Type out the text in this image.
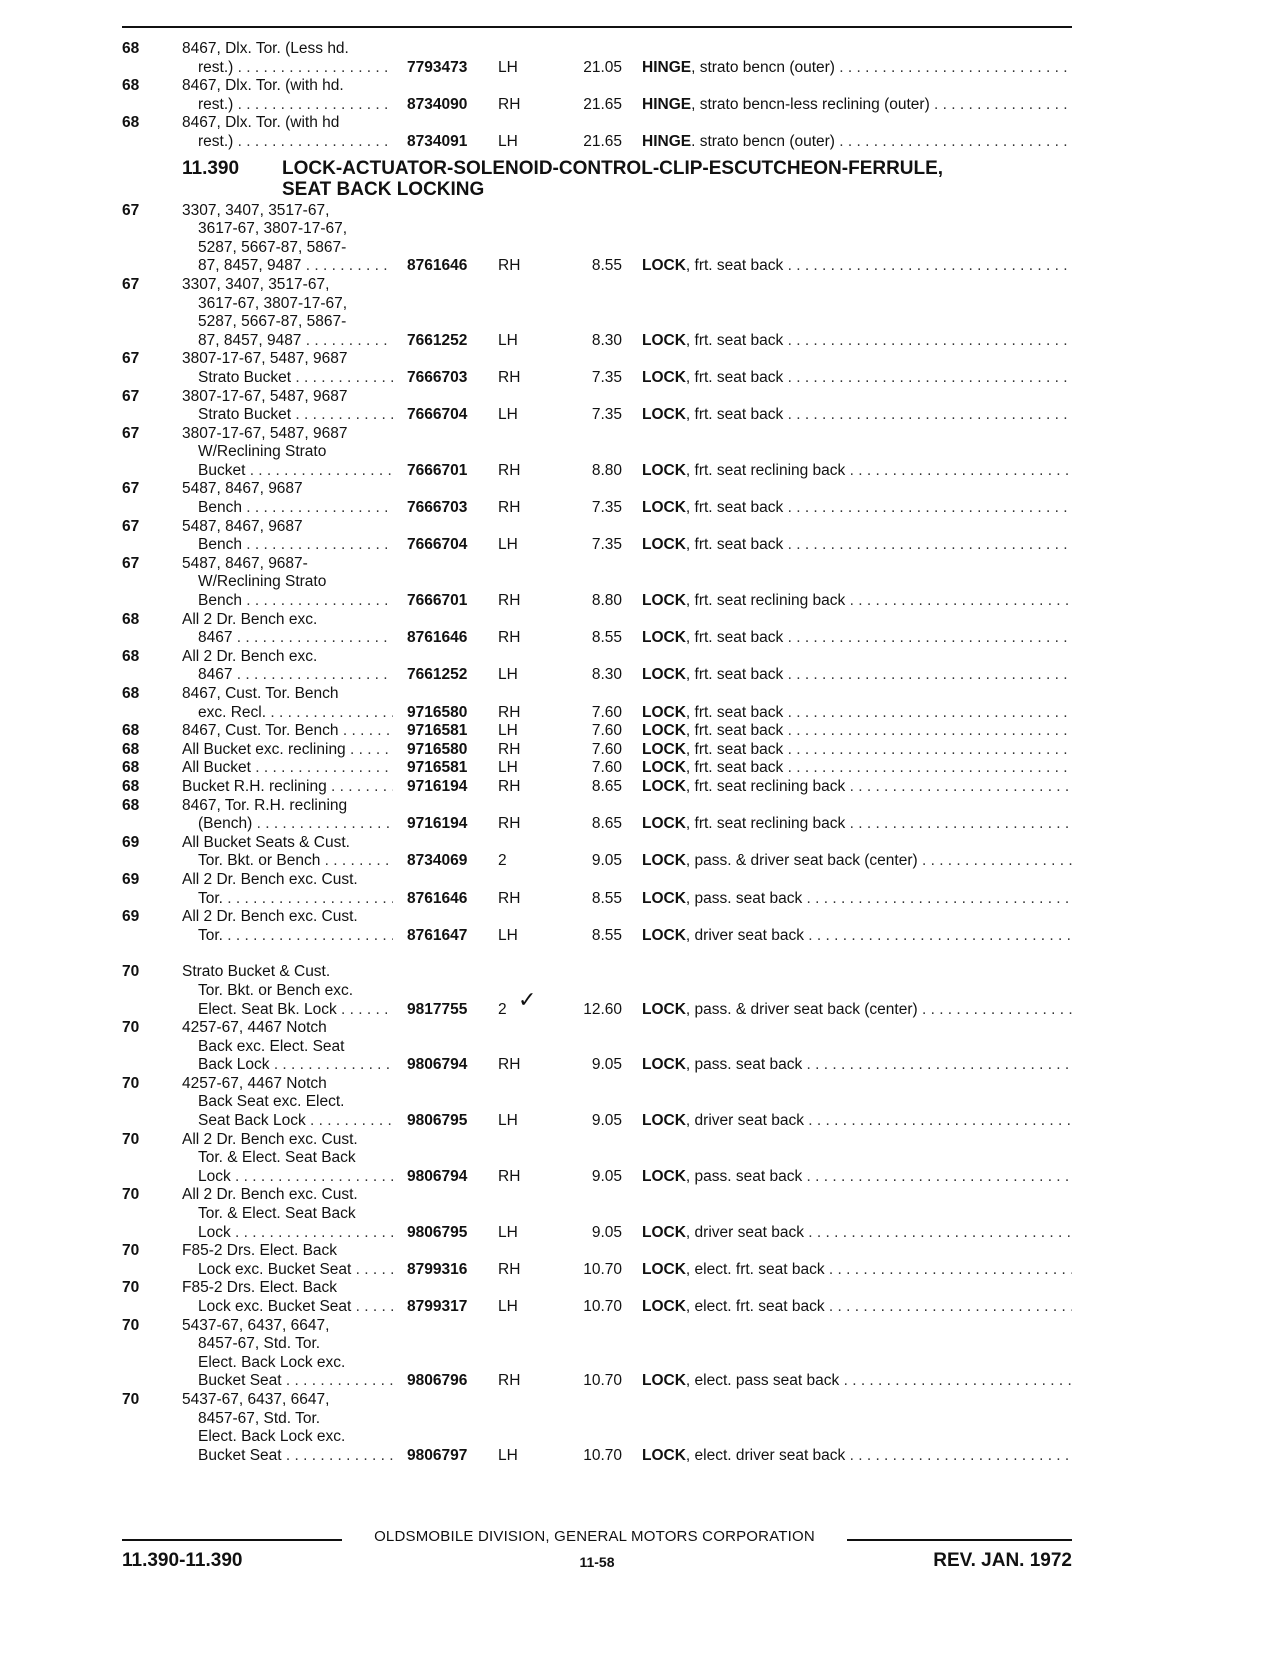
68	8467, Dlx. Tor. (Less hd.
rest.) . . .	7793473 LH	21.05 HINGE, strato bencn (outer) . . .
68	8467, Dlx. Tor. (with hd.
rest.) . . .	8734090 RH	21.65 HINGE, strato bencn-less reclining (outer) . . .
68	8467, Dlx. Tor. (with hd
rest.) . . .	8734091 LH	21.65 HINGE. strato bencn (outer) . . .
11.390 LOCK-ACTUATOR-SOLENOID-CONTROL-CLIP-ESCUTCHEON-FERRULE,
SEAT BACK LOCKING
67	3307, 3407, 3517-67,
3617-67, 3807-17-67,
5287, 5667-87, 5867-
87, 8457, 9487 . . .	8761646 RH	8.55 LOCK, frt. seat back . . .
67	3307, 3407, 3517-67,
3617-67, 3807-17-67,
5287, 5667-87, 5867-
87, 8457, 9487 . . .	7661252 LH	8.30 LOCK, frt. seat back . . .
67	3807-17-67, 5487, 9687
Strato Bucket . . .	7666703 RH	7.35 LOCK, frt. seat back . . .
67	3807-17-67, 5487, 9687
Strato Bucket . . .	7666704 LH	7.35 LOCK, frt. seat back . . .
67	3807-17-67, 5487, 9687
W/Reclining Strato
Bucket . . .	7666701 RH	8.80 LOCK, frt. seat reclining back . . .
67	5487, 8467, 9687
Bench . . .	7666703 RH	7.35 LOCK, frt. seat back . . .
67	5487, 8467, 9687
Bench . . .	7666704 LH	7.35 LOCK, frt. seat back . . .
67	5487, 8467, 9687-
W/Reclining Strato
Bench . . .	7666701 RH	8.80 LOCK, frt. seat reclining back . . .
68	All 2 Dr. Bench exc.
8467 . . .	8761646 RH	8.55 LOCK, frt. seat back . . .
68	All 2 Dr. Bench exc.
8467 . . .	7661252 LH	8.30 LOCK, frt. seat back . . .
68	8467, Cust. Tor. Bench
exc. Recl. . . .	9716580 RH	7.60 LOCK, frt. seat back . . .
68	8467, Cust. Tor. Bench . . .	9716581 LH	7.60 LOCK, frt. seat back . . .
68	All Bucket exc. reclining . . .	9716580 RH	7.60 LOCK, frt. seat back . . .
68	All Bucket . . .	9716581 LH	7.60 LOCK, frt. seat back . . .
68	Bucket R.H. reclining . . .	9716194 RH	8.65 LOCK, frt. seat reclining back . . .
68	8467, Tor. R.H. reclining
(Bench) . . .	9716194 RH	8.65 LOCK, frt. seat reclining back . . .
69	All Bucket Seats & Cust.
Tor. Bkt. or Bench . . .	8734069 2	9.05 LOCK, pass. & driver seat back (center) . . .
69	All 2 Dr. Bench exc. Cust.
Tor. . . .	8761646 RH	8.55 LOCK, pass. seat back . . .
69	All 2 Dr. Bench exc. Cust.
Tor. . . .	8761647 LH	8.55 LOCK, driver seat back . . .
70	Strato Bucket & Cust.
Tor. Bkt. or Bench exc.
Elect. Seat Bk. Lock . . .	9817755 2 ✓	12.60 LOCK, pass. & driver seat back (center) . . .
70	4257-67, 4467 Notch
Back exc. Elect. Seat
Back Lock . . .	9806794 RH	9.05 LOCK, pass. seat back . . .
70	4257-67, 4467 Notch
Back Seat exc. Elect.
Seat Back Lock . . .	9806795 LH	9.05 LOCK, driver seat back . . .
70	All 2 Dr. Bench exc. Cust.
Tor. & Elect. Seat Back
Lock . . .	9806794 RH	9.05 LOCK, pass. seat back . . .
70	All 2 Dr. Bench exc. Cust.
Tor. & Elect. Seat Back
Lock . . .	9806795 LH	9.05 LOCK, driver seat back . . .
70	F85-2 Drs. Elect. Back
Lock exc. Bucket Seat . . .	8799316 RH	10.70 LOCK, elect. frt. seat back . . .
70	F85-2 Drs. Elect. Back
Lock exc. Bucket Seat . . .	8799317 LH	10.70 LOCK, elect. frt. seat back . . .
70	5437-67, 6437, 6647,
8457-67, Std. Tor.
Elect. Back Lock exc.
Bucket Seat . . .	9806796 RH	10.70 LOCK, elect. pass seat back . . .
70	5437-67, 6437, 6647,
8457-67, Std. Tor.
Elect. Back Lock exc.
Bucket Seat . . .	9806797 LH	10.70 LOCK, elect. driver seat back . . .
OLDSMOBILE DIVISION, GENERAL MOTORS CORPORATION
11.390-11.390	11-58	REV. JAN. 1972
